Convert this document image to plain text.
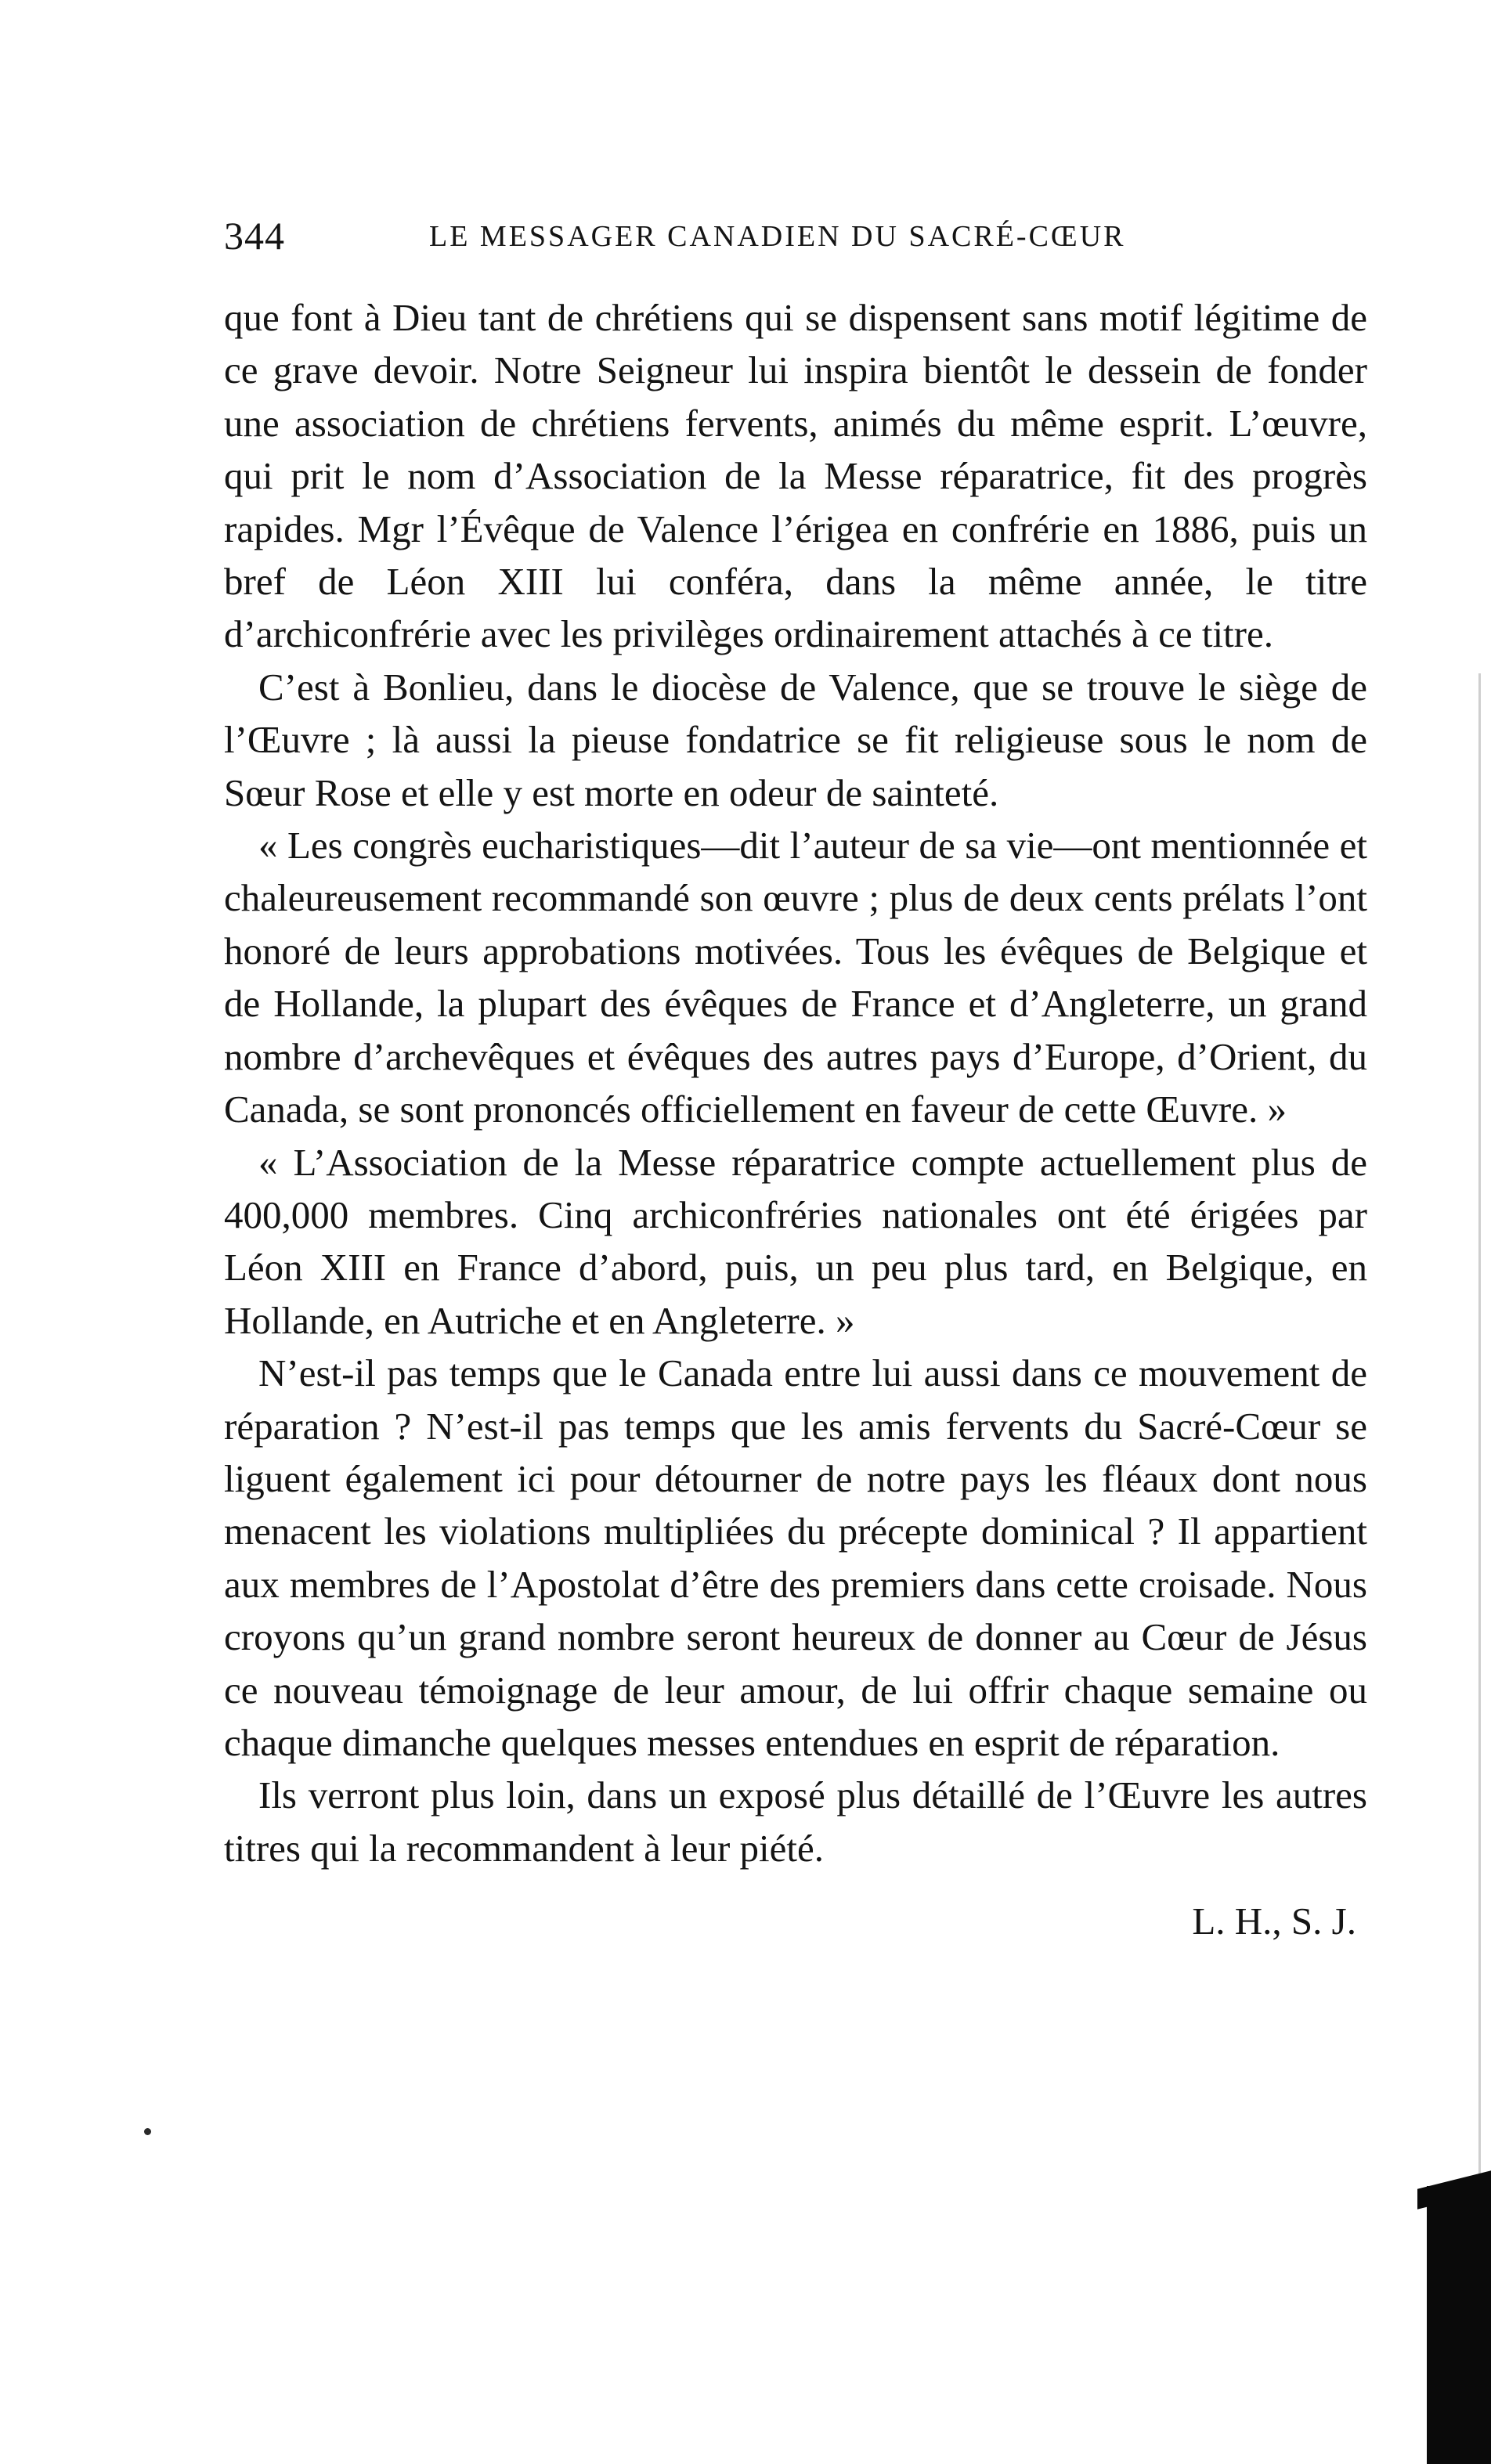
344	LE MESSAGER CANADIEN DU SACRÉ-CŒUR

que font à Dieu tant de chrétiens qui se dispensent sans motif légitime de ce grave devoir. Notre Seigneur lui inspira bientôt le dessein de fonder une association de chrétiens fervents, animés du même esprit. L’œuvre, qui prit le nom d’Association de la Messe réparatrice, fit des progrès rapides. Mgr l’Évêque de Valence l’érigea en confrérie en 1886, puis un bref de Léon XIII lui conféra, dans la même année, le titre d’archiconfrérie avec les privilèges ordinairement attachés à ce titre.

C’est à Bonlieu, dans le diocèse de Valence, que se trouve le siège de l’Œuvre ; là aussi la pieuse fondatrice se fit religieuse sous le nom de Sœur Rose et elle y est morte en odeur de sainteté.

« Les congrès eucharistiques—dit l’auteur de sa vie—ont mentionnée et chaleureusement recommandé son œuvre ; plus de deux cents prélats l’ont honoré de leurs approbations motivées. Tous les évêques de Belgique et de Hollande, la plupart des évêques de France et d’Angleterre, un grand nombre d’archevêques et évêques des autres pays d’Europe, d’Orient, du Canada, se sont prononcés officiellement en faveur de cette Œuvre. »

« L’Association de la Messe réparatrice compte actuellement plus de 400,000 membres. Cinq archiconfréries nationales ont été érigées par Léon XIII en France d’abord, puis, un peu plus tard, en Belgique, en Hollande, en Autriche et en Angleterre. »

N’est-il pas temps que le Canada entre lui aussi dans ce mouvement de réparation ? N’est-il pas temps que les amis fervents du Sacré-Cœur se liguent également ici pour détourner de notre pays les fléaux dont nous menacent les violations multipliées du précepte dominical ? Il appartient aux membres de l’Apostolat d’être des premiers dans cette croisade. Nous croyons qu’un grand nombre seront heureux de donner au Cœur de Jésus ce nouveau témoignage de leur amour, de lui offrir chaque semaine ou chaque dimanche quelques messes entendues en esprit de réparation.

Ils verront plus loin, dans un exposé plus détaillé de l’Œuvre les autres titres qui la recommandent à leur piété.

L. H., S. J.
